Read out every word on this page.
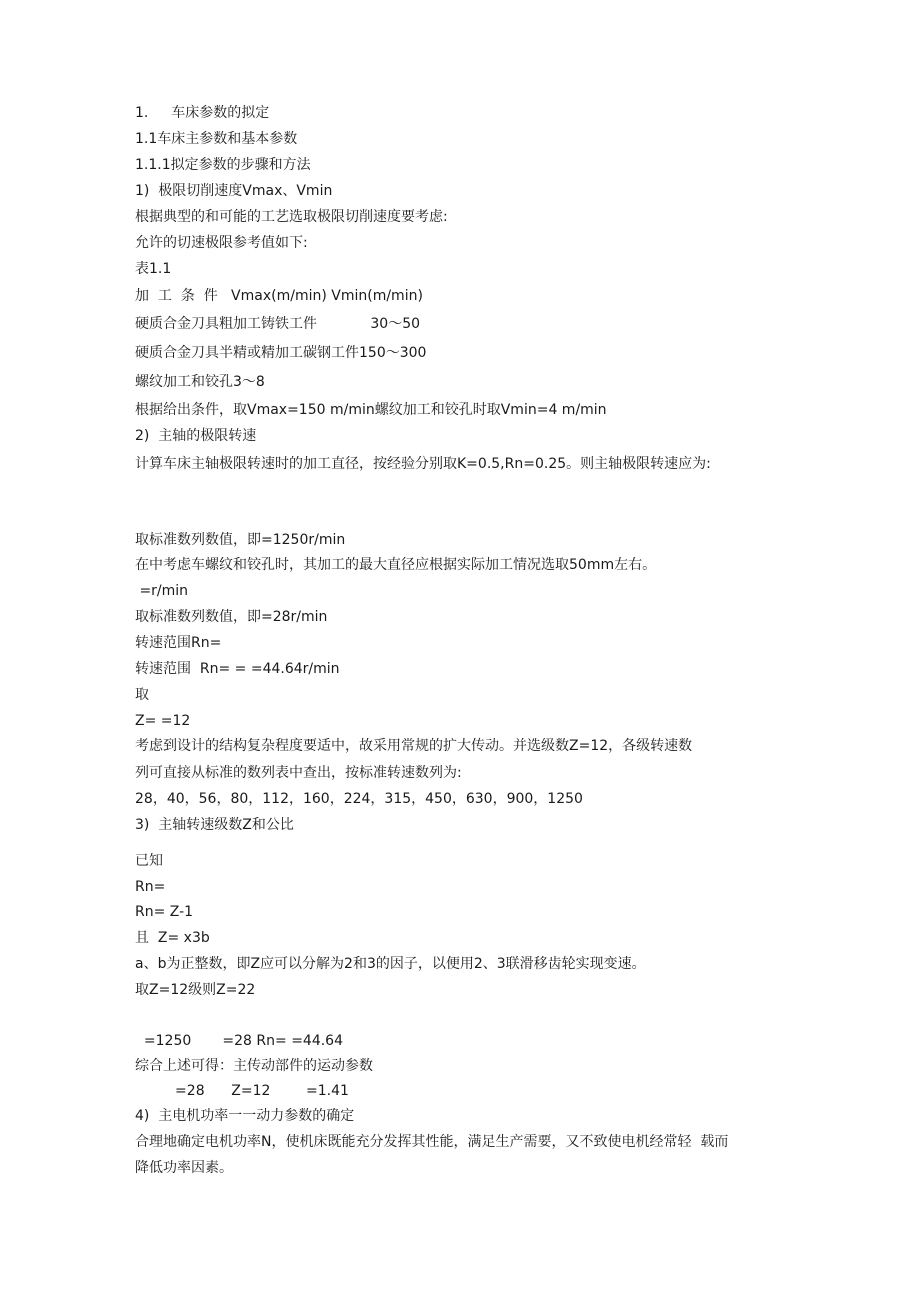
1.　  车床参数的拟定
1.1车床主参数和基本参数
1.1.1拟定参数的步骤和方法
1)  极限切削速度Vmax、Vmin
根据典型的和可能的工艺选取极限切削速度要考虑:
允许的切速极限参考值如下:
表1.1
加  工  条  件   Vmax(m/min) Vmin(m/min)
硬质合金刀具粗加工铸铁工件            30〜50
硬质合金刀具半精或精加工碳钢工件150〜300
螺纹加工和铰孔3〜8
根据给出条件，取Vmax=150 m/min螺纹加工和铰孔时取Vmin=4 m/min
2)  主轴的极限转速
计算车床主轴极限转速时的加工直径，按经验分别取K=0.5,Rn=0.25。则主轴极限转速应为:
取标准数列数值，即=1250r/min
在中考虑车螺纹和铰孔时，其加工的最大直径应根据实际加工情况选取50mm左右。
=r/min
取标准数列数值，即=28r/min
转速范围Rn=
转速范围  Rn= = =44.64r/min
取
Z= =12
考虑到设计的结构复杂程度要适中，故采用常规的扩大传动。并选级数Z=12，各级转速数
列可直接从标准的数列表中查出，按标准转速数列为:
28，40，56，80，112，160，224，315，450，630，900，1250
3)  主轴转速级数Z和公比
已知
Rn=
Rn= Z-1
且  Z= x3b
a、b为正整数，即Z应可以分解为2和3的因子，以便用2、3联滑移齿轮实现变速。
取Z=12级则Z=22
=1250       =28 Rn= =44.64
综合上述可得：主传动部件的运动参数
=28      Z=12        =1.41
4)  主电机功率一一动力参数的确定
合理地确定电机功率N，使机床既能充分发挥其性能，满足生产需要，又不致使电机经常轻  载而
降低功率因素。
